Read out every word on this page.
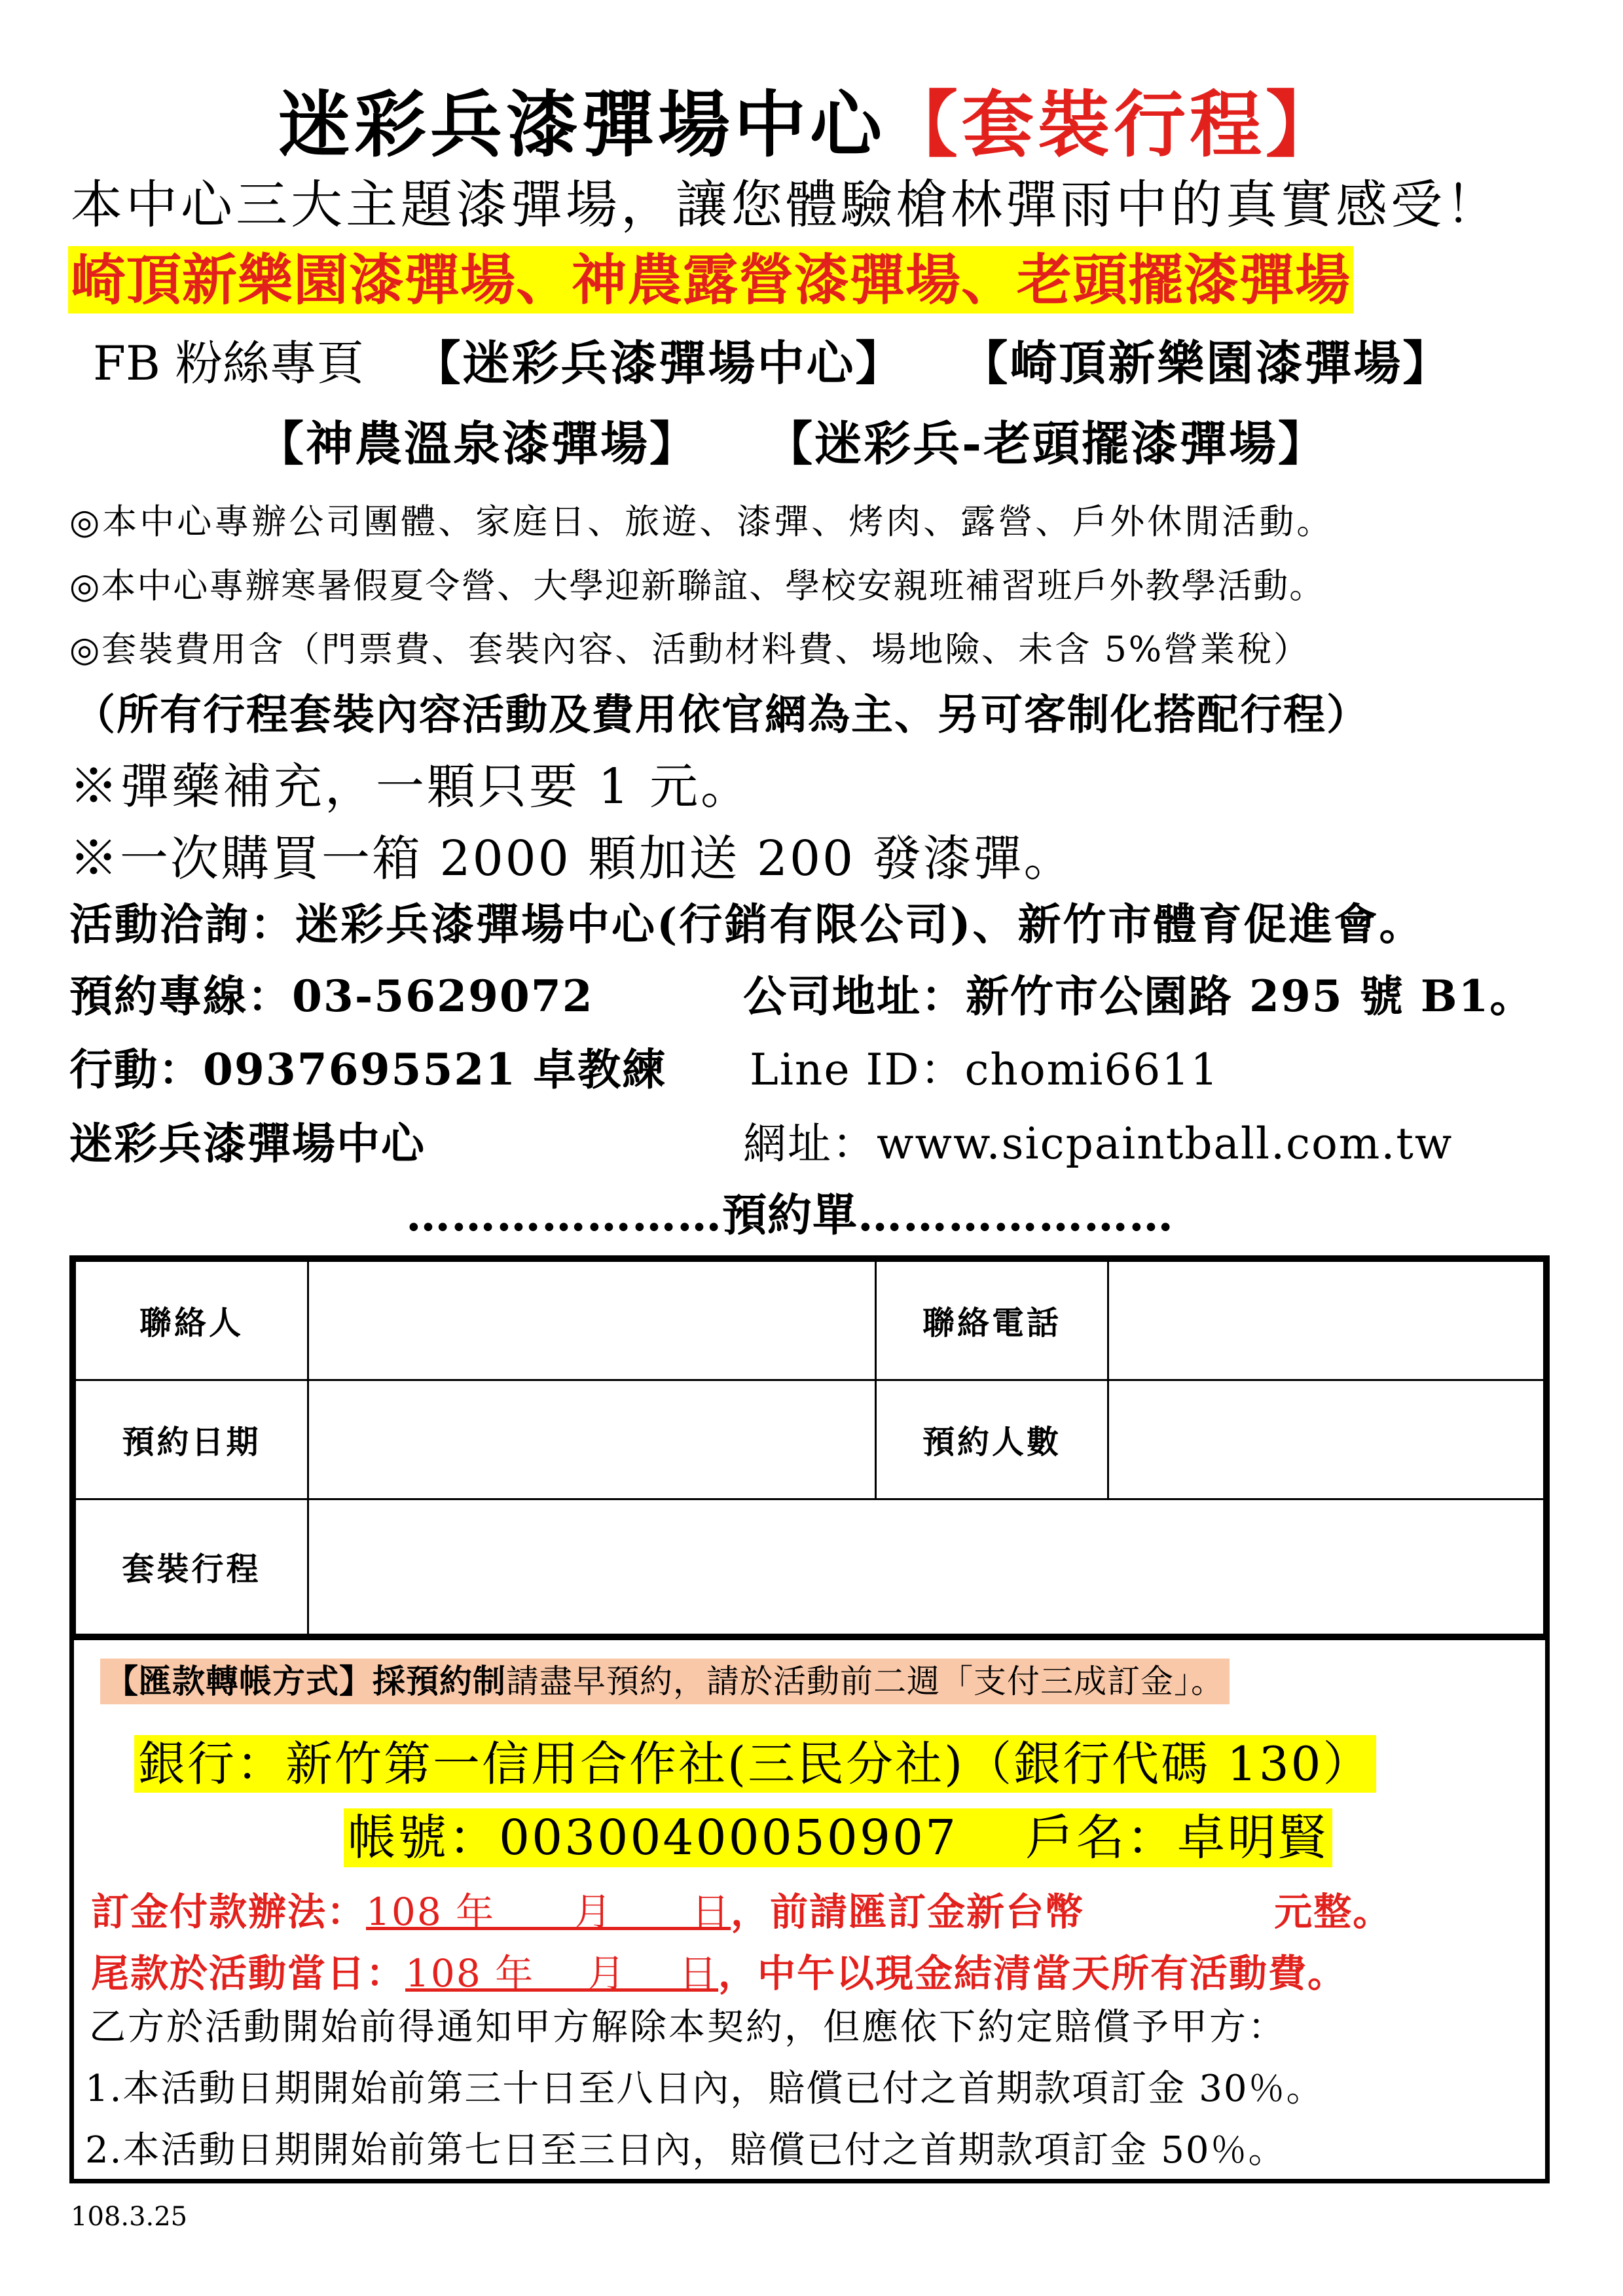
迷彩兵漆彈場中心【套裝行程】
本中心三大主題漆彈場，讓您體驗槍林彈雨中的真實感受！
崎頂新樂園漆彈場、神農露營漆彈場、老頭擺漆彈場
FB 粉絲專頁 【迷彩兵漆彈場中心】 【崎頂新樂園漆彈場】
【神農溫泉漆彈場】 【迷彩兵-老頭擺漆彈場】
◎本中心專辦公司團體、家庭日、旅遊、漆彈、烤肉、露營、戶外休閒活動。
◎本中心專辦寒暑假夏令營、大學迎新聯誼、學校安親班補習班戶外教學活動。
◎套裝費用含（門票費、套裝內容、活動材料費、場地險、未含 5%營業稅）
（所有行程套裝內容活動及費用依官網為主、另可客制化搭配行程）
※彈藥補充，一顆只要 1 元。
※一次購買一箱 2000 顆加送 200 發漆彈。
活動洽詢：迷彩兵漆彈場中心(行銷有限公司)、新竹市體育促進會。
預約專線：03-5629072	公司地址：新竹市公園路 295 號 B1。
行動：0937695521 卓教練 Line ID：chomi6611
迷彩兵漆彈場中心	網址：www.sicpaintball.com.tw
…………………預約單…………………
聯絡人		聯絡電話	
預約日期		預約人數	
套裝行程			
【匯款轉帳方式】採預約制請盡早預約，請於活動前二週「支付三成訂金」。
銀行：新竹第一信用合作社(三民分社)（銀行代碼 130）
帳號：00300400050907　 戶名：卓明賢
訂金付款辦法：108 年　　月　　日，前請匯訂金新台幣	元整。
尾款於活動當日：108 年　 月　 日，中午以現金結清當天所有活動費。
乙方於活動開始前得通知甲方解除本契約，但應依下約定賠償予甲方：
1.本活動日期開始前第三十日至八日內，賠償已付之首期款項訂金 30％。
2.本活動日期開始前第七日至三日內，賠償已付之首期款項訂金 50％。
108.3.25
